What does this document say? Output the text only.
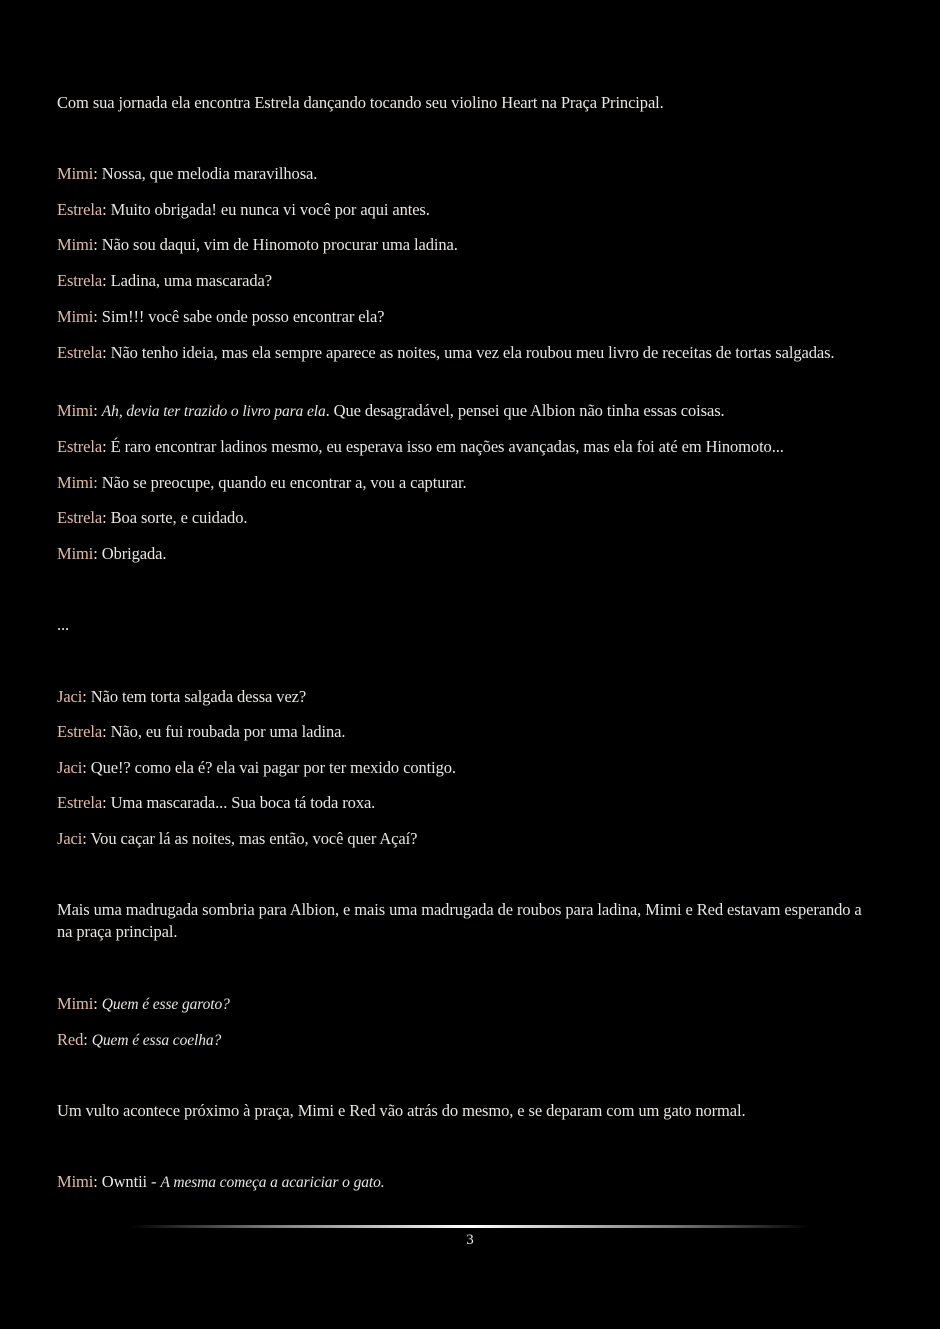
Com sua jornada ela encontra Estrela dançando tocando seu violino Heart na Praça Principal.
Mimi: Nossa, que melodia maravilhosa.
Estrela: Muito obrigada! eu nunca vi você por aqui antes.
Mimi: Não sou daqui, vim de Hinomoto procurar uma ladina.
Estrela: Ladina, uma mascarada?
Mimi: Sim!!! você sabe onde posso encontrar ela?
Estrela: Não tenho ideia, mas ela sempre aparece as noites, uma vez ela roubou meu livro de receitas de tortas salgadas.
Mimi: Ah, devia ter trazido o livro para ela. Que desagradável, pensei que Albion não tinha essas coisas.
Estrela: É raro encontrar ladinos mesmo, eu esperava isso em nações avançadas, mas ela foi até em Hinomoto...
Mimi: Não se preocupe, quando eu encontrar a, vou a capturar.
Estrela: Boa sorte, e cuidado.
Mimi: Obrigada.
...
Jaci: Não tem torta salgada dessa vez?
Estrela: Não, eu fui roubada por uma ladina.
Jaci: Que!? como ela é? ela vai pagar por ter mexido contigo.
Estrela: Uma mascarada... Sua boca tá toda roxa.
Jaci: Vou caçar lá as noites, mas então, você quer Açaí?
Mais uma madrugada sombria para Albion, e mais uma madrugada de roubos para ladina, Mimi e Red estavam esperando a na praça principal.
Mimi: Quem é esse garoto?
Red: Quem é essa coelha?
Um vulto acontece próximo à praça, Mimi e Red vão atrás do mesmo, e se deparam com um gato normal.
Mimi: Owntii - A mesma começa a acariciar o gato.
3
